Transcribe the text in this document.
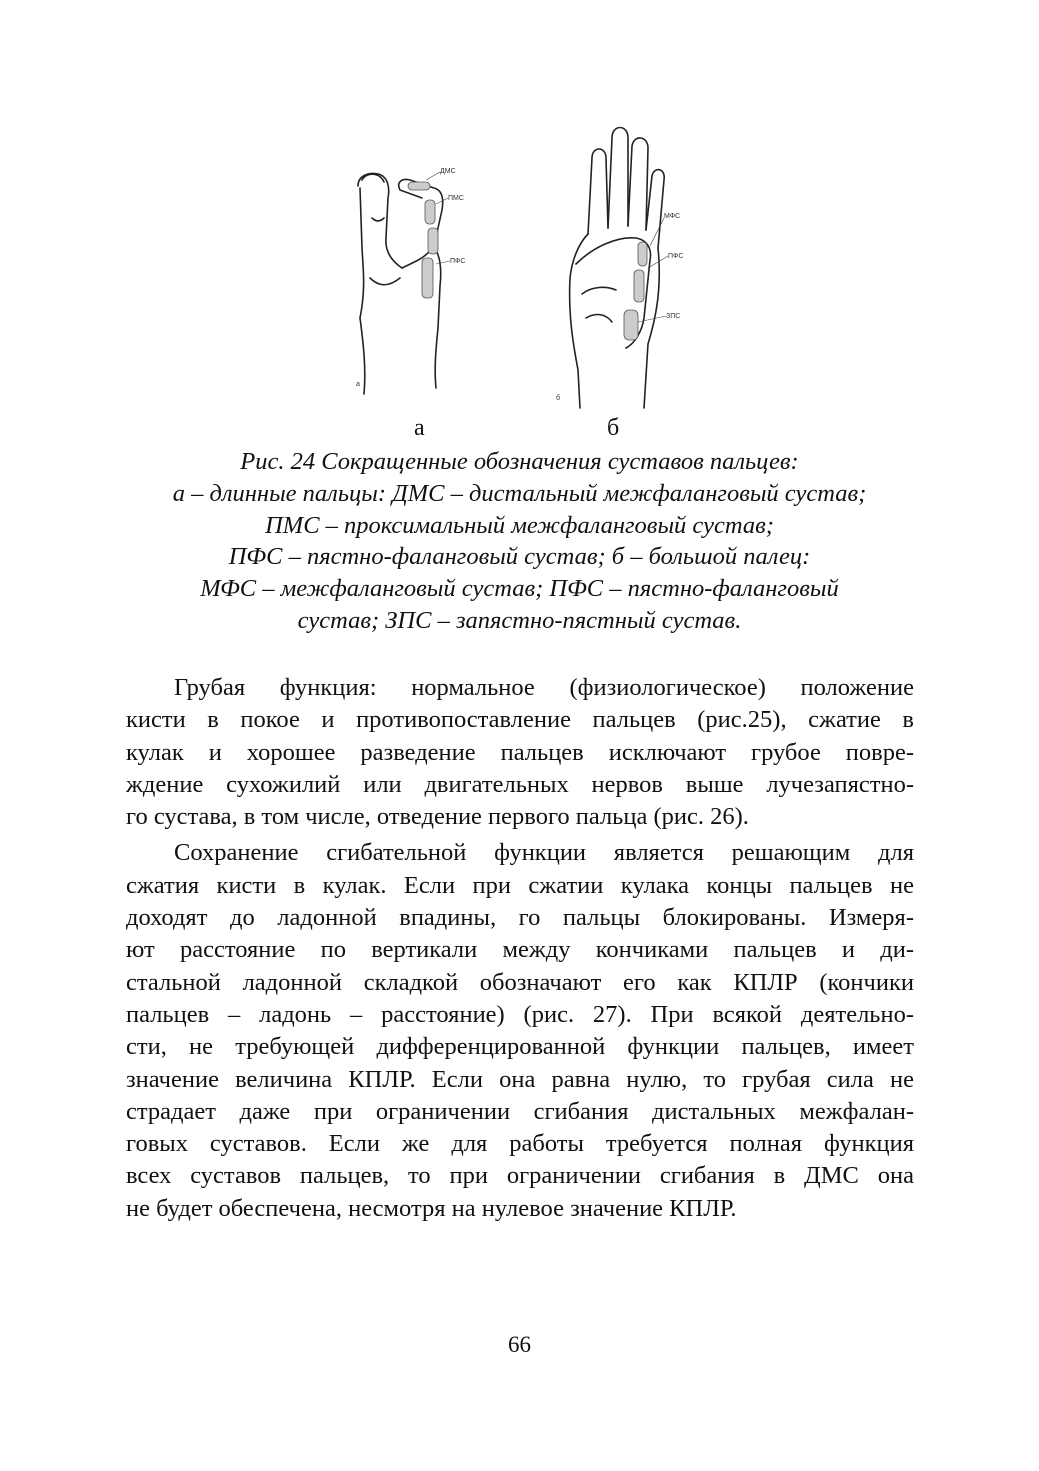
ДМС
ПМС
ПФС
а
МФС
ПФС
ЗПС
б
а	б
Рис. 24 Сокращенные обозначения суставов пальцев:
а – длинные пальцы: ДМС – дистальный межфаланговый сустав;
ПМС – проксимальный межфаланговый сустав;
ПФС – пястно-фаланговый сустав; б – большой палец:
МФС – межфаланговый сустав; ПФС – пястно-фаланговый
сустав; ЗПС – запястно-пястный сустав.
Грубая функция: нормальное (физиологическое) положение
кисти в покое и противопоставление пальцев (рис.25), сжатие в
кулак и хорошее разведение пальцев исключают грубое повре-
ждение сухожилий или двигательных нервов выше лучезапястно-
го сустава, в том числе, отведение первого пальца (рис. 26).
Сохранение сгибательной функции является решающим для
сжатия кисти в кулак. Если при сжатии кулака концы пальцев не
доходят до ладонной впадины, го пальцы блокированы. Измеря-
ют расстояние по вертикали между кончиками пальцев и ди-
стальной ладонной складкой обозначают его как КПЛР (кончики
пальцев – ладонь – расстояние) (рис. 27). При всякой деятельно-
сти, не требующей дифференцированной функции пальцев, имеет
значение величина КПЛР. Если она равна нулю, то грубая сила не
страдает даже при ограничении сгибания дистальных межфалан-
говых суставов. Если же для работы требуется полная функция
всех суставов пальцев, то при ограничении сгибания в ДМС она
не будет обеспечена, несмотря на нулевое значение КПЛР.
66
